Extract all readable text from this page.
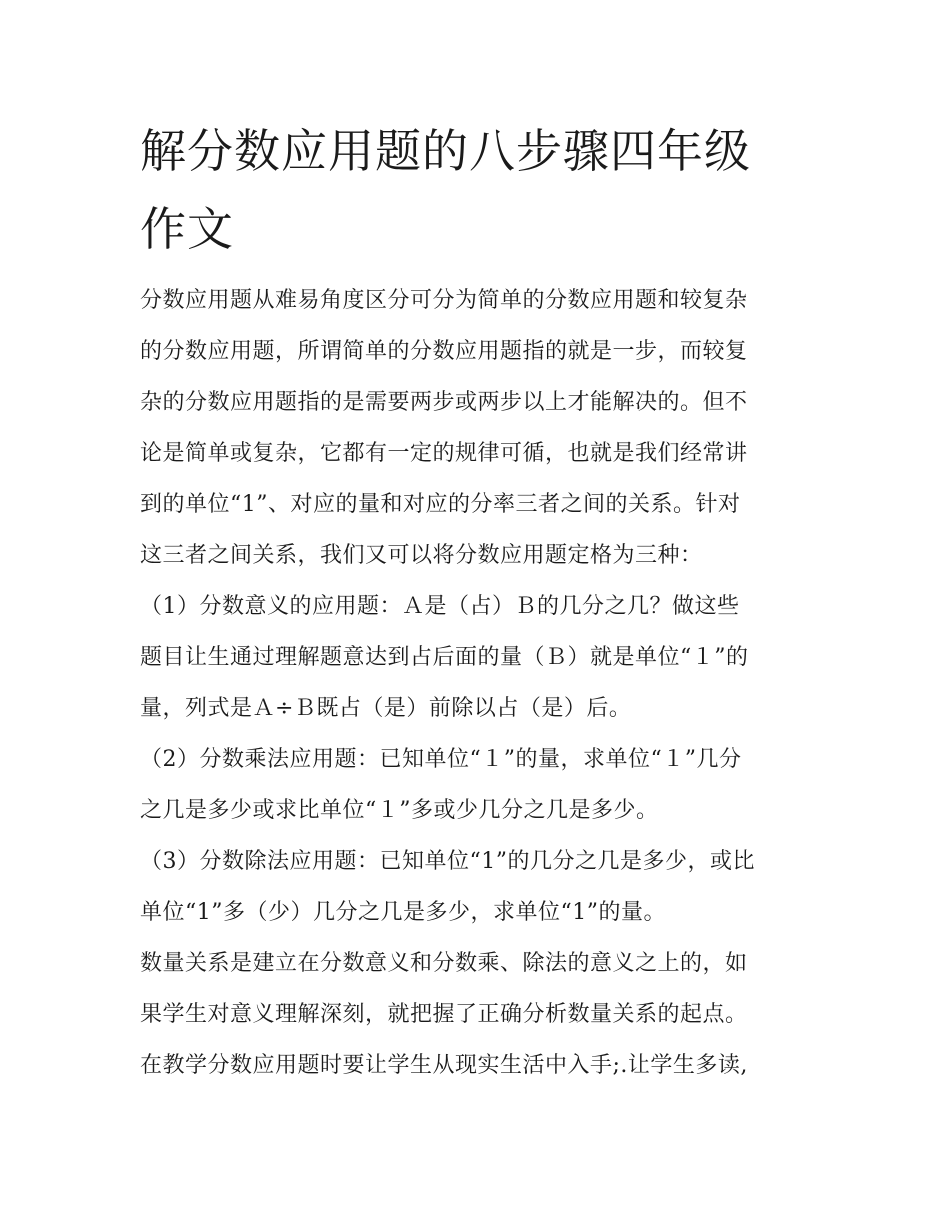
解分数应用题的八步骤四年级
作文
分数应用题从难易角度区分可分为简单的分数应用题和较复杂
的分数应用题，所谓简单的分数应用题指的就是一步，而较复
杂的分数应用题指的是需要两步或两步以上才能解决的。但不
论是简单或复杂，它都有一定的规律可循，也就是我们经常讲
到的单位“1”、对应的量和对应的分率三者之间的关系。针对
这三者之间关系，我们又可以将分数应用题定格为三种：
（1）分数意义的应用题：Ａ是（占）Ｂ的几分之几？做这些
题目让生通过理解题意达到占后面的量（Ｂ）就是单位“１”的
量，列式是Ａ÷Ｂ既占（是）前除以占（是）后。
（2）分数乘法应用题：已知单位“１”的量，求单位“１”几分
之几是多少或求比单位“１”多或少几分之几是多少。
（3）分数除法应用题：已知单位“1”的几分之几是多少，或比
单位“1”多（少）几分之几是多少，求单位“1”的量。
数量关系是建立在分数意义和分数乘、除法的意义之上的，如
果学生对意义理解深刻，就把握了正确分析数量关系的起点。
在教学分数应用题时要让学生从现实生活中入手;.让学生多读,
